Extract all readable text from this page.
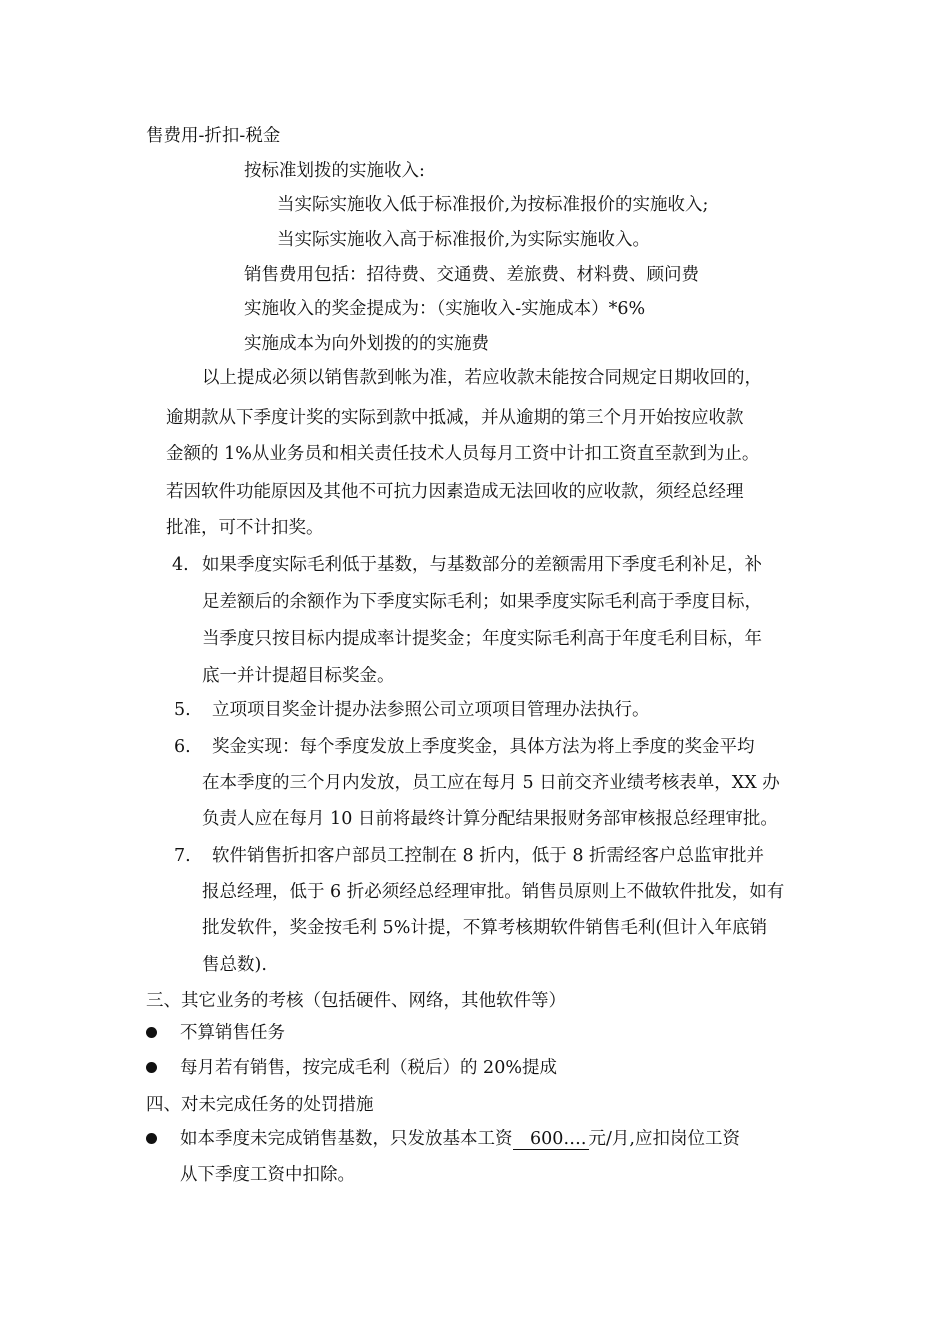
售费用-折扣-税金
按标准划拨的实施收入:
当实际实施收入低于标准报价,为按标准报价的实施收入;
当实际实施收入高于标准报价,为实际实施收入。
销售费用包括：招待费、交通费、差旅费、材料费、顾问费
实施收入的奖金提成为：（实施收入-实施成本）*6%
实施成本为向外划拨的的实施费
以上提成必须以销售款到帐为准，若应收款未能按合同规定日期收回的，
逾期款从下季度计奖的实际到款中抵减，并从逾期的第三个月开始按应收款
金额的 1%从业务员和相关责任技术人员每月工资中计扣工资直至款到为止。
若因软件功能原因及其他不可抗力因素造成无法回收的应收款，须经总经理
批准，可不计扣奖。
4. 如果季度实际毛利低于基数，与基数部分的差额需用下季度毛利补足，补
足差额后的余额作为下季度实际毛利；如果季度实际毛利高于季度目标，
当季度只按目标内提成率计提奖金；年度实际毛利高于年度毛利目标，年
底一并计提超目标奖金。
5. 立项项目奖金计提办法参照公司立项项目管理办法执行。
6. 奖金实现：每个季度发放上季度奖金，具体方法为将上季度的奖金平均
在本季度的三个月内发放，员工应在每月 5 日前交齐业绩考核表单，XX 办
负责人应在每月 10 日前将最终计算分配结果报财务部审核报总经理审批。
7. 软件销售折扣客户部员工控制在 8 折内，低于 8 折需经客户总监审批并
报总经理，低于 6 折必须经总经理审批。销售员原则上不做软件批发，如有
批发软件，奖金按毛利 5%计提，不算考核期软件销售毛利(但计入年底销
售总数).
三、其它业务的考核（包括硬件、网络，其他软件等）
不算销售任务
每月若有销售，按完成毛利（税后）的 20%提成
四、对未完成任务的处罚措施
如本季度未完成销售基数，只发放基本工资 600…. 元/月,应扣岗位工资
从下季度工资中扣除。
